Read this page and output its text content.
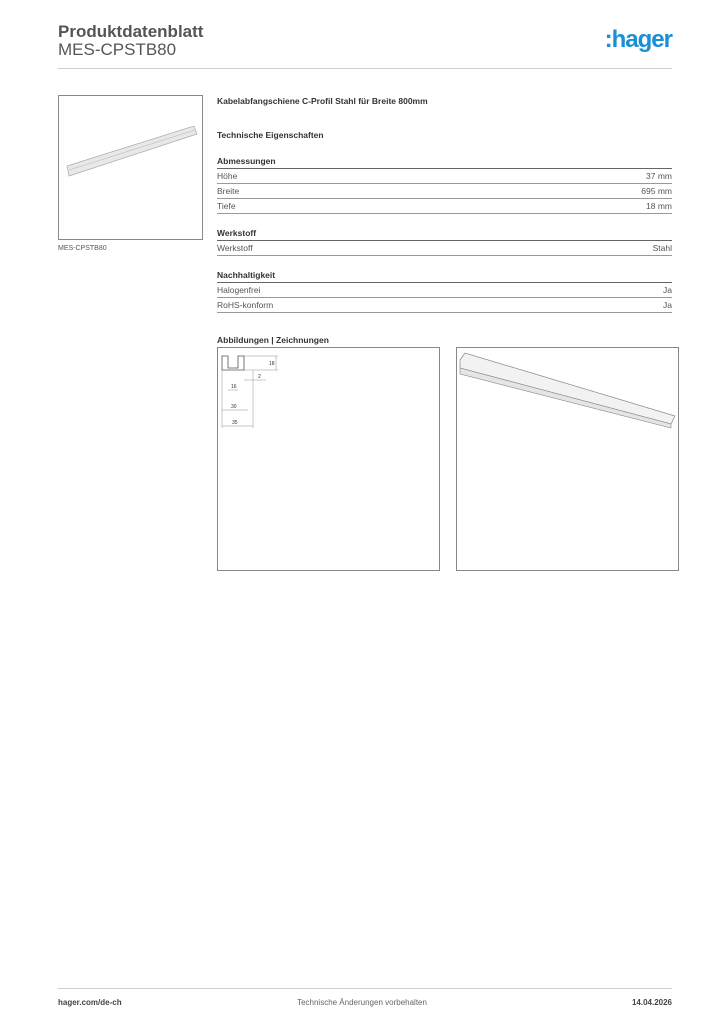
Produktdatenblatt
MES-CPSTB80	:hager
MES-CPSTB80
Kabelabfangschiene C-Profil Stahl für Breite 800mm
Technische Eigenschaften
Abmessungen
Höhe	37 mm
Breite	695 mm
Tiefe	18 mm
Werkstoff
Werkstoff	Stahl
Nachhaltigkeit
Halogenfrei	Ja
RoHS-konform	Ja
Abbildungen | Zeichnungen
18
2
16
30
35
hager.com/de-ch	Technische Änderungen vorbehalten	14.04.2026
